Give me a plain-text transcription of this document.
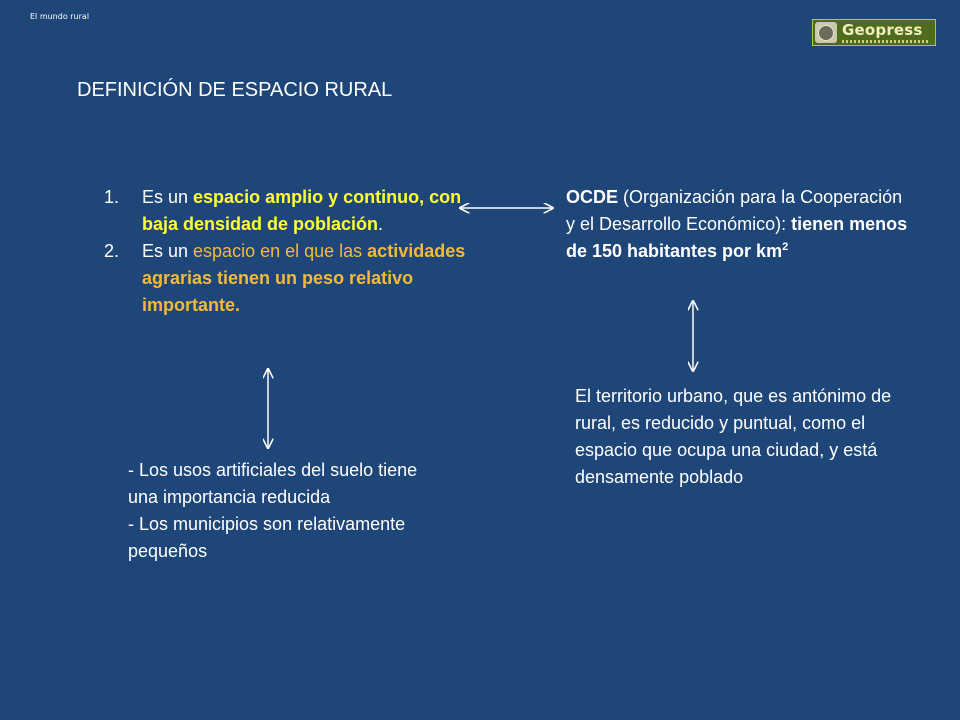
El mundo rural
Geopress
DEFINICIÓN DE ESPACIO RURAL
1.	Es un espacio amplio y continuo, con baja densidad de población.
2.	Es un espacio en el que las actividades agrarias tienen un peso relativo importante.
OCDE (Organización para la Cooperación y el Desarrollo Económico): tienen menos de 150 habitantes por $km^2$
El territorio urbano, que es antónimo de rural, es reducido y puntual, como el espacio que ocupa una ciudad, y está densamente poblado
- Los usos artificiales del suelo tiene una importancia reducida
- Los municipios son relativamente pequeños
